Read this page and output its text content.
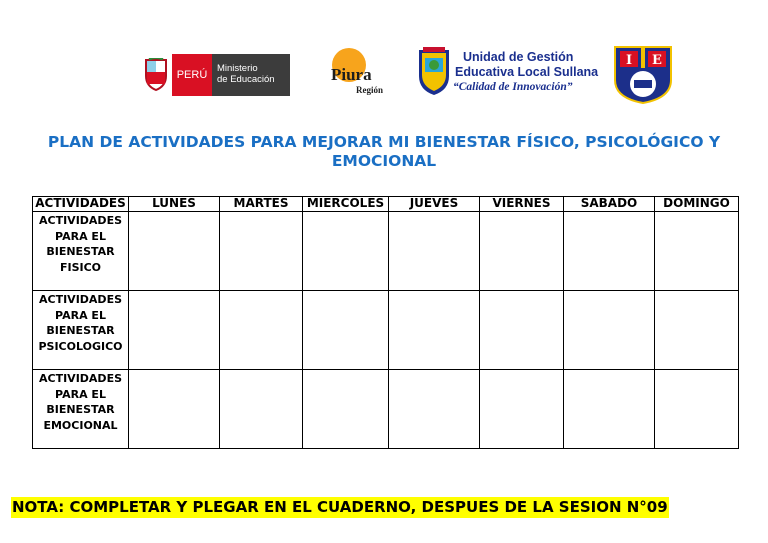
PERÚ
Ministerio
de Educación	Piura
Región
Unidad de Gestión
Educativa Local Sullana
“Calidad de Innovación”
I E
PLAN DE ACTIVIDADES PARA MEJORAR MI BIENESTAR FÍSICO, PSICOLÓGICO Y EMOCIONAL
ACTIVIDADES	LUNES	MARTES	MIERCOLES	JUEVES	VIERNES	SABADO	DOMINGO

ACTIVIDADES
PARA EL
BIENESTAR
FISICO							

ACTIVIDADES
PARA EL
BIENESTAR
PSICOLOGICO							

ACTIVIDADES
PARA EL
BIENESTAR
EMOCIONAL							

NOTA: COMPLETAR Y PLEGAR EN EL CUADERNO, DESPUES DE LA SESION N°09
